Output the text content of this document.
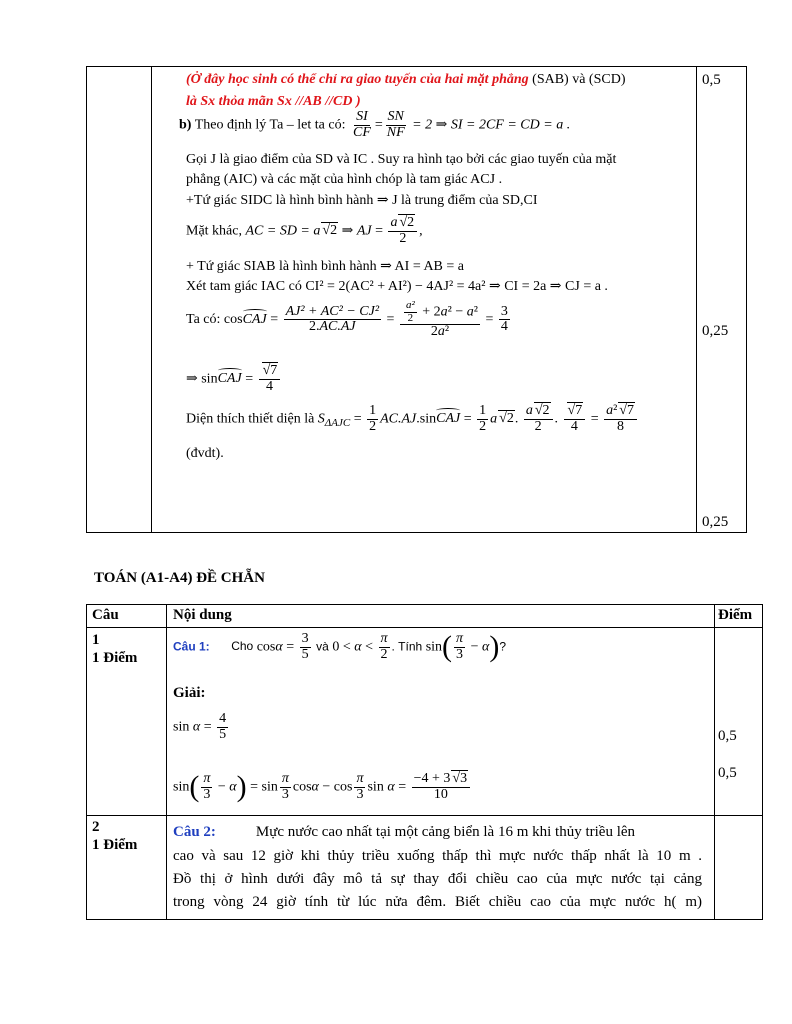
(Ở đây học sinh có thể chỉ ra giao tuyến của hai mặt phẳng (SAB) và (SCD)
là Sx thỏa mãn Sx //AB //CD )
b) Theo định lý Ta – let ta có: $\frac{SI}{CF} = \frac{SN}{NF} = 2$ ⇒ SI = 2CF = CD = a .
Gọi J là giao điểm của SD và IC . Suy ra hình tạo bởi các giao tuyến của mặt
phẳng (AIC) và các mặt của hình chóp là tam giác ACJ .
+Tứ giác SIDC là hình bình hành ⇒ J là trung điểm của SD,CI
Mặt khác, AC = SD = a√ 2 ⇒ AJ = $\frac{a√ 2}{2}$ ,
+ Tứ giác SIAB là hình bình hành ⇒ AI = AB = a
Xét tam giác IAC có CI² = 2(AC² + AI²) − 4AJ² = 4a² ⇒ CI = 2a ⇒ CJ = a .
Ta có: cosCAJ = $\frac{\text{AJ² + AC² − CJ²}}{2.AC.AJ} = \frac{\frac{\text{a²}}{2} + 2a^2 - a^2}{\text{2a²}} = \frac{3}{4}$
⇒ sinCAJ =
√ $\frac{7}{4}$
Diện thích thiết diện là $S_{\Delta AJC} = \frac{1}{2}$ AC.AJ.sinCAJ = $\frac{1}{2} a√$ 2. $\frac{a√ 2}{2}$ .
√ $\frac{7}{4} = \frac{\text{a²√ 7}}{8}$
(đvdt).
0,5
0,25
0,25
TOÁN (A1-A4) ĐỀ CHẴN
Câu	Nội dung	Điểm
1
1 Điểm
Câu 1: Cho $\cos\alpha = \frac{3}{5}$ và $0 < \alpha < \frac{\pi}{2}$ . Tính $\sin( \frac{\pi}{3} - \alpha)$?
Giải:
$\sin \alpha = \frac{4}{5}$
$\sin( \frac{\pi}{3} - \alpha) = \sin \frac{\pi}{3}$ $\cos\alpha - \cos \frac{\pi}{3}$ $\sin \alpha = \frac{-4 + 3√ 3}{10}$
0,5
0,5
2
1 Điểm
Câu 2:	Mực nước cao nhất tại một cảng biển là 16 m khi thủy triều lên
cao và sau 12 giờ khi thủy triều xuống thấp thì mực nước thấp nhất là 10 m .
Đồ thị ở hình dưới đây mô tả sự thay đổi chiều cao của mực nước tại cảng
trong vòng 24 giờ tính từ lúc nửa đêm. Biết chiều cao của mực nước h( m)
